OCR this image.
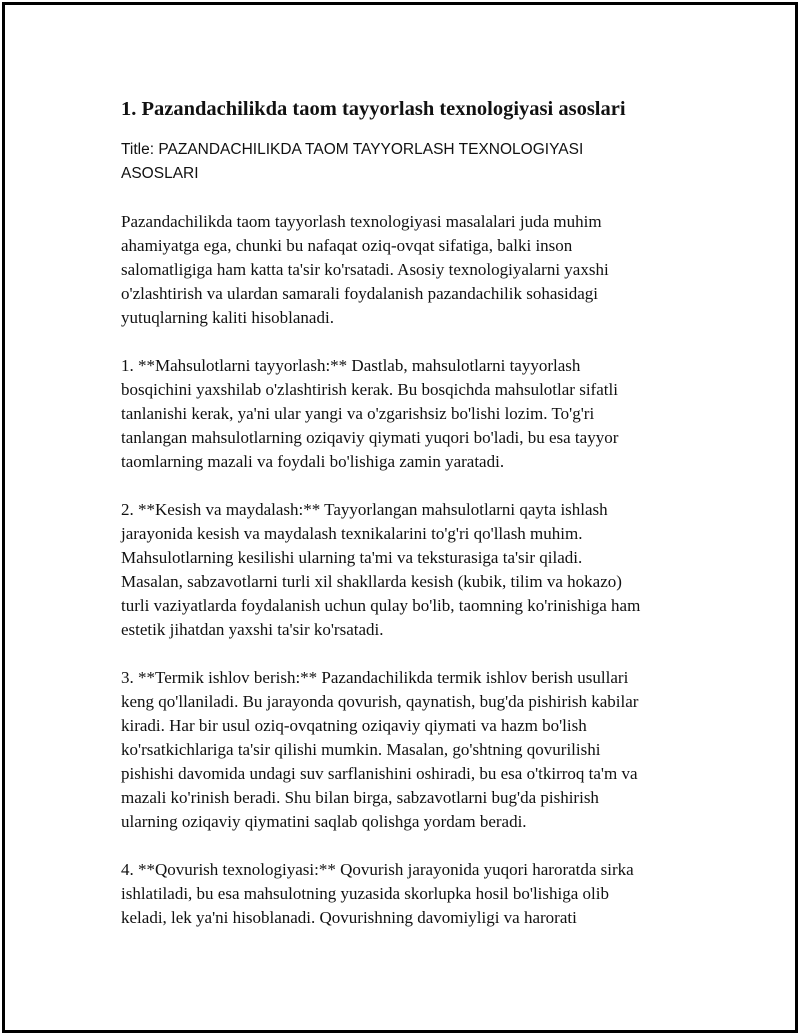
1. Pazandachilikda taom tayyorlash texnologiyasi asoslari
Title: PAZANDACHILIKDA TAOM TAYYORLASH TEXNOLOGIYASI
ASOSLARI

Pazandachilikda taom tayyorlash texnologiyasi masalalari juda muhim
ahamiyatga ega, chunki bu nafaqat oziq-ovqat sifatiga, balki inson
salomatligiga ham katta ta'sir ko'rsatadi. Asosiy texnologiyalarni yaxshi
o'zlashtirish va ulardan samarali foydalanish pazandachilik sohasidagi
yutuqlarning kaliti hisoblanadi.

1. **Mahsulotlarni tayyorlash:** Dastlab, mahsulotlarni tayyorlash
bosqichini yaxshilab o'zlashtirish kerak. Bu bosqichda mahsulotlar sifatli
tanlanishi kerak, ya'ni ular yangi va o'zgarishsiz bo'lishi lozim. To'g'ri
tanlangan mahsulotlarning oziqaviy qiymati yuqori bo'ladi, bu esa tayyor
taomlarning mazali va foydali bo'lishiga zamin yaratadi.

2. **Kesish va maydalash:** Tayyorlangan mahsulotlarni qayta ishlash
jarayonida kesish va maydalash texnikalarini to'g'ri qo'llash muhim.
Mahsulotlarning kesilishi ularning ta'mi va teksturasiga ta'sir qiladi.
Masalan, sabzavotlarni turli xil shakllarda kesish (kubik, tilim va hokazo)
turli vaziyatlarda foydalanish uchun qulay bo'lib, taomning ko'rinishiga ham
estetik jihatdan yaxshi ta'sir ko'rsatadi.

3. **Termik ishlov berish:** Pazandachilikda termik ishlov berish usullari
keng qo'llaniladi. Bu jarayonda qovurish, qaynatish, bug'da pishirish kabilar
kiradi. Har bir usul oziq-ovqatning oziqaviy qiymati va hazm bo'lish
ko'rsatkichlariga ta'sir qilishi mumkin. Masalan, go'shtning qovurilishi
pishishi davomida undagi suv sarflanishini oshiradi, bu esa o'tkirroq ta'm va
mazali ko'rinish beradi. Shu bilan birga, sabzavotlarni bug'da pishirish
ularning oziqaviy qiymatini saqlab qolishga yordam beradi.

4. **Qovurish texnologiyasi:** Qovurish jarayonida yuqori haroratda sirka
ishlatiladi, bu esa mahsulotning yuzasida skorlupka hosil bo'lishiga olib
keladi, lek ya'ni hisoblanadi. Qovurishning davomiyligi va harorati
